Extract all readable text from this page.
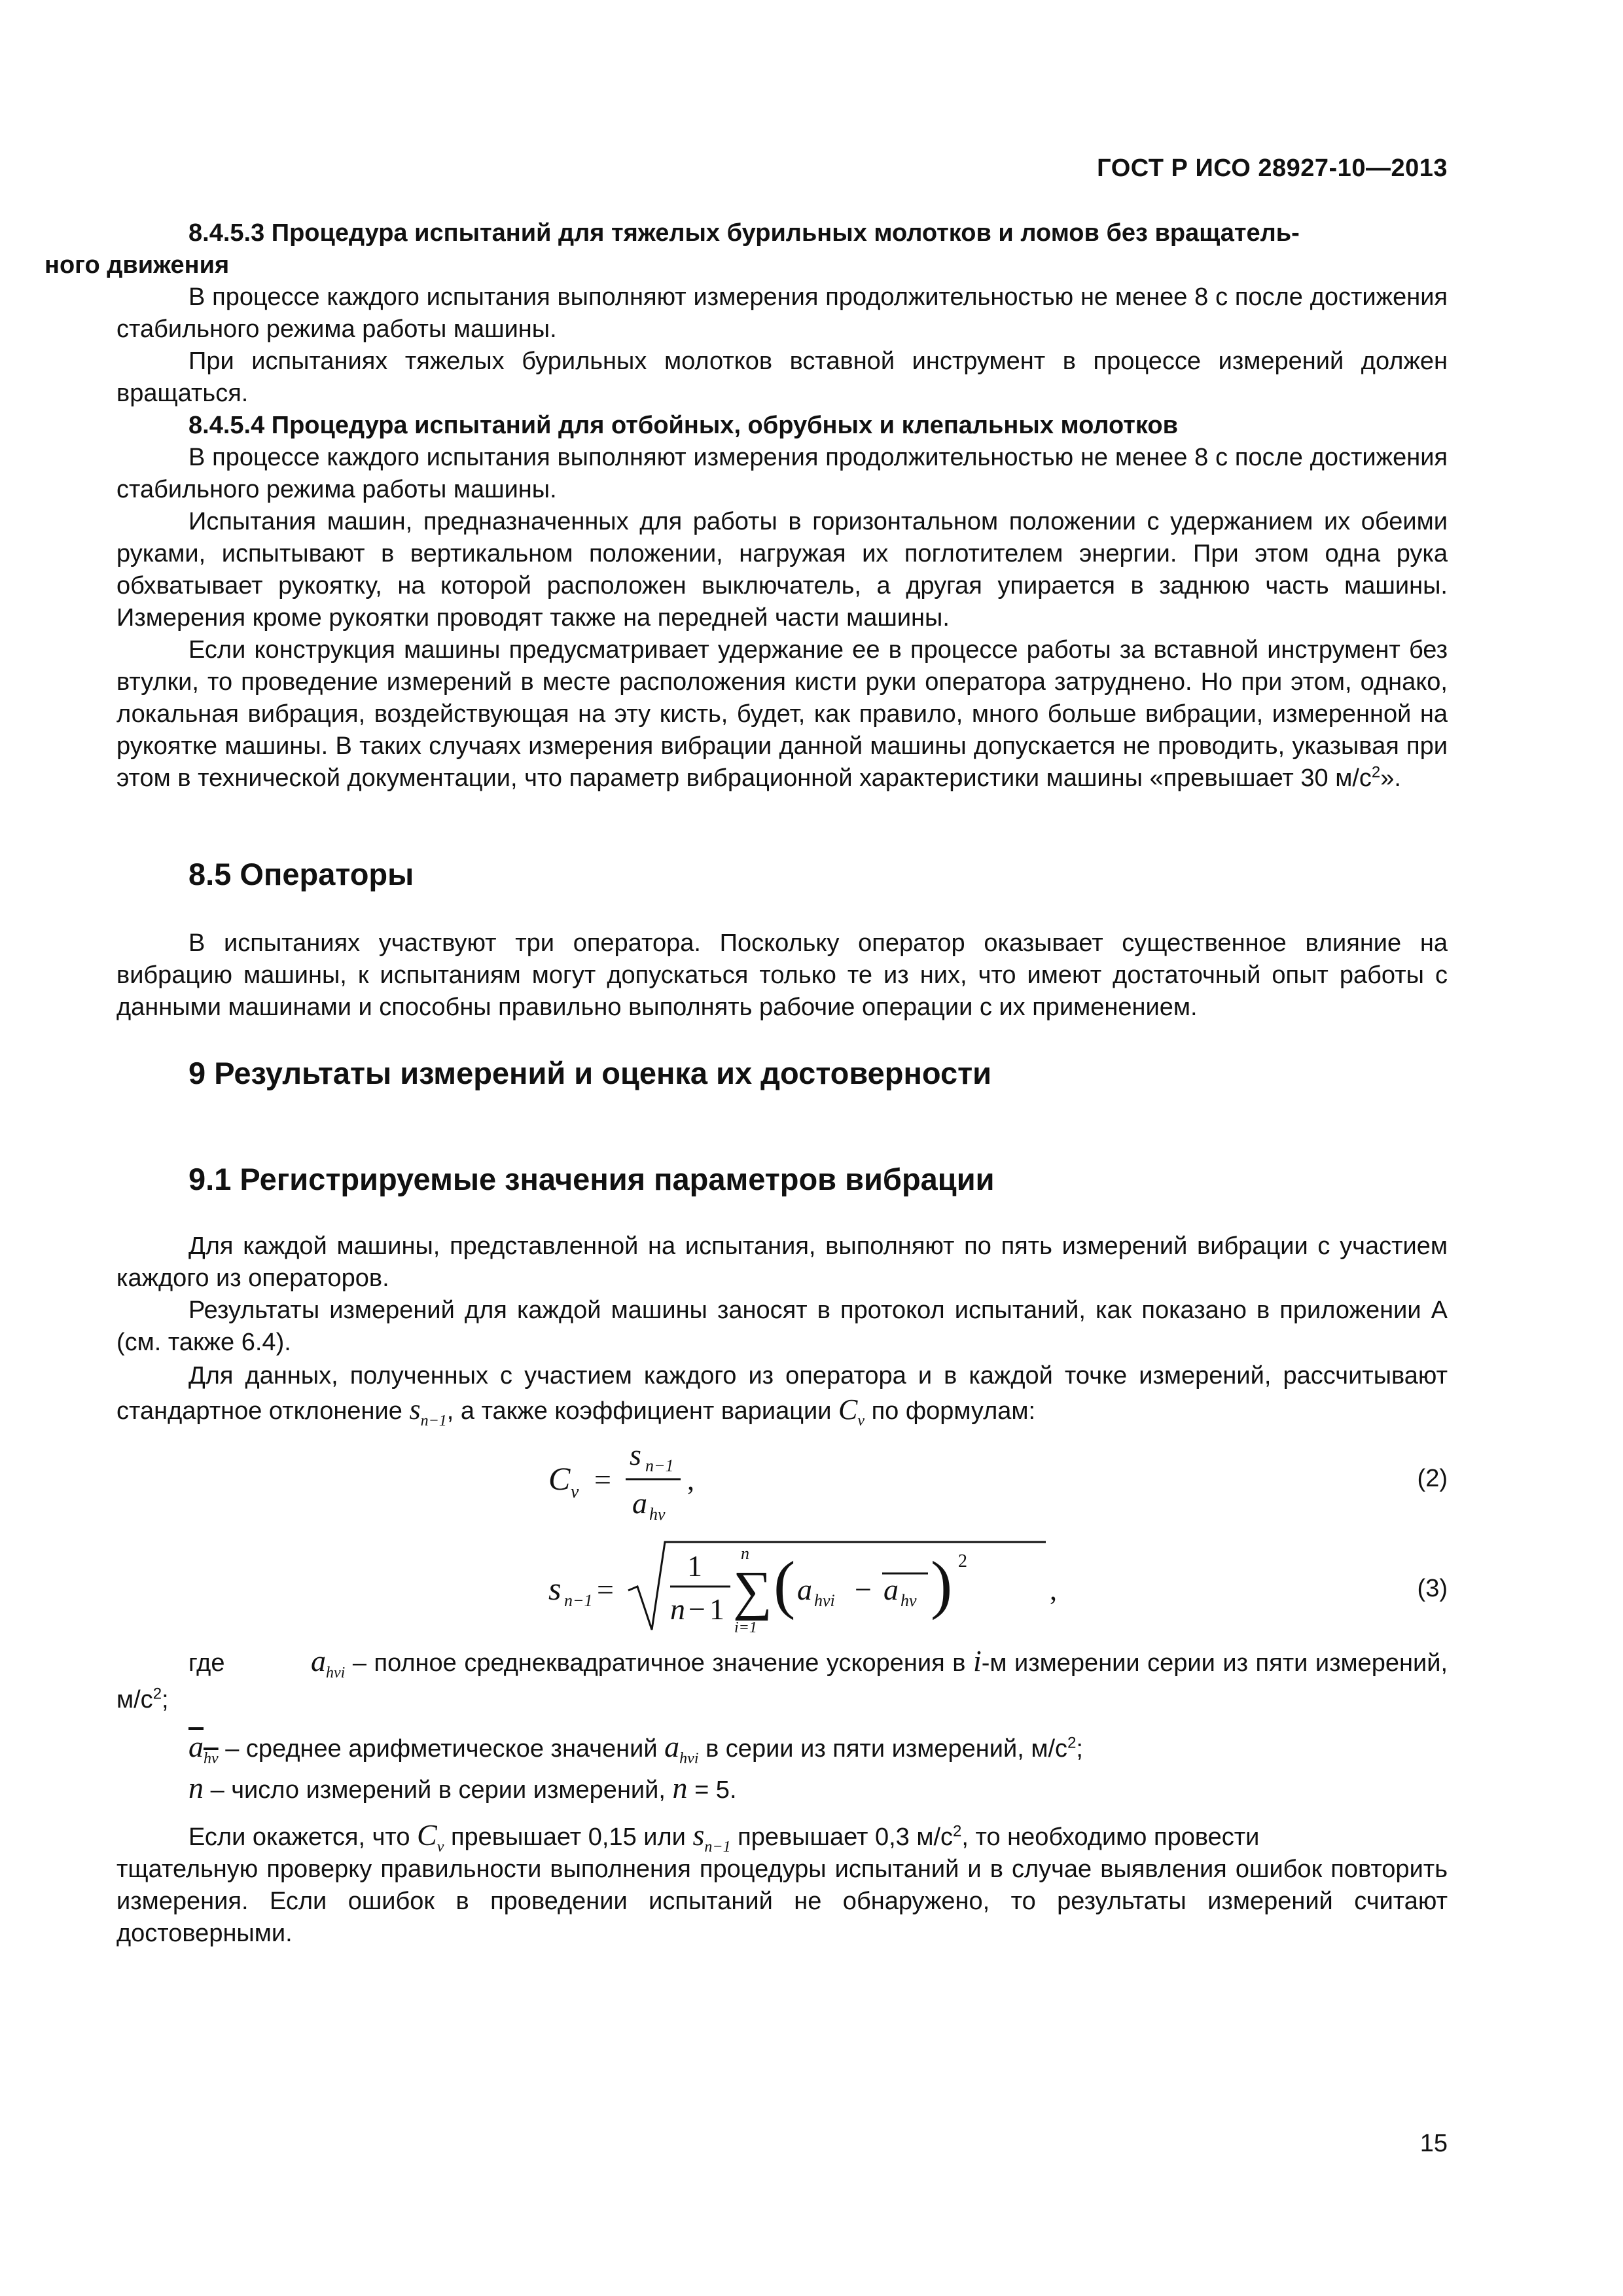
ГОСТ Р ИСО 28927-10—2013

8.4.5.3 Процедура испытаний для тяжелых бурильных молотков и ломов без вращатель-
ного движения

В процессе каждого испытания выполняют измерения продолжительностью не менее 8 с после достижения стабильного режима работы машины.

При испытаниях тяжелых бурильных молотков вставной инструмент в процессе измерений должен вращаться.

8.4.5.4 Процедура испытаний для отбойных, обрубных и клепальных молотков

В процессе каждого испытания выполняют измерения продолжительностью не менее 8 с после достижения стабильного режима работы машины.

Испытания машин, предназначенных для работы в горизонтальном положении с удержанием их обеими руками, испытывают в вертикальном положении, нагружая их поглотителем энергии. При этом одна рука обхватывает рукоятку, на которой расположен выключатель, а другая упирается в заднюю часть машины. Измерения кроме рукоятки проводят также на передней части машины.

Если конструкция машины предусматривает удержание ее в процессе работы за вставной инструмент без втулки, то проведение измерений в месте расположения кисти руки оператора затруднено. Но при этом, однако, локальная вибрация, воздействующая на эту кисть, будет, как правило, много больше вибрации, измеренной на рукоятке машины. В таких случаях измерения вибрации данной машины допускается не проводить, указывая при этом в технической документации, что параметр вибрационной характеристики машины «превышает 30 $м/с^2$».

8.5 Операторы

В испытаниях участвуют три оператора. Поскольку оператор оказывает существенное влияние на вибрацию машины, к испытаниям могут допускаться только те из них, что имеют достаточный опыт работы с данными машинами и способны правильно выполнять рабочие операции с их применением.

9 Результаты измерений и оценка их достоверности
9.1 Регистрируемые значения параметров вибрации

Для каждой машины, представленной на испытания, выполняют по пять измерений вибрации с участием каждого из операторов.

Результаты измерений для каждой машины заносят в протокол испытаний, как показано в приложении А (см. также 6.4).

Для данных, полученных с участием каждого из оператора и в каждой точке измерений, рассчитывают стандартное отклонение $s_{n-1}$, а также коэффициент вариации $C_v$ по формулам:

C v =
s n−1
a hv
,	(2)
s n−1 =
1
n − 1
n
∑
i=1
( a hvi − a hv ) 2
,	(3)

где	$a_{hvi}$ – полное среднеквадратичное значение ускорения в i-м измерении серии из пяти измерений, $м/с^2$;

$a_{hv}$ – среднее арифметическое значений $a_{hvi}$ в серии из пяти измерений, $м/с^2$;

n – число измерений в серии измерений, n = 5.

Если окажется, что $C_v$ превышает 0,15 или $s_{n-1}$ превышает 0,3 $м/с^2$, то необходимо провести

тщательную проверку правильности выполнения процедуры испытаний и в случае выявления ошибок повторить измерения. Если ошибок в проведении испытаний не обнаружено, то результаты измерений считают достоверными.

15
